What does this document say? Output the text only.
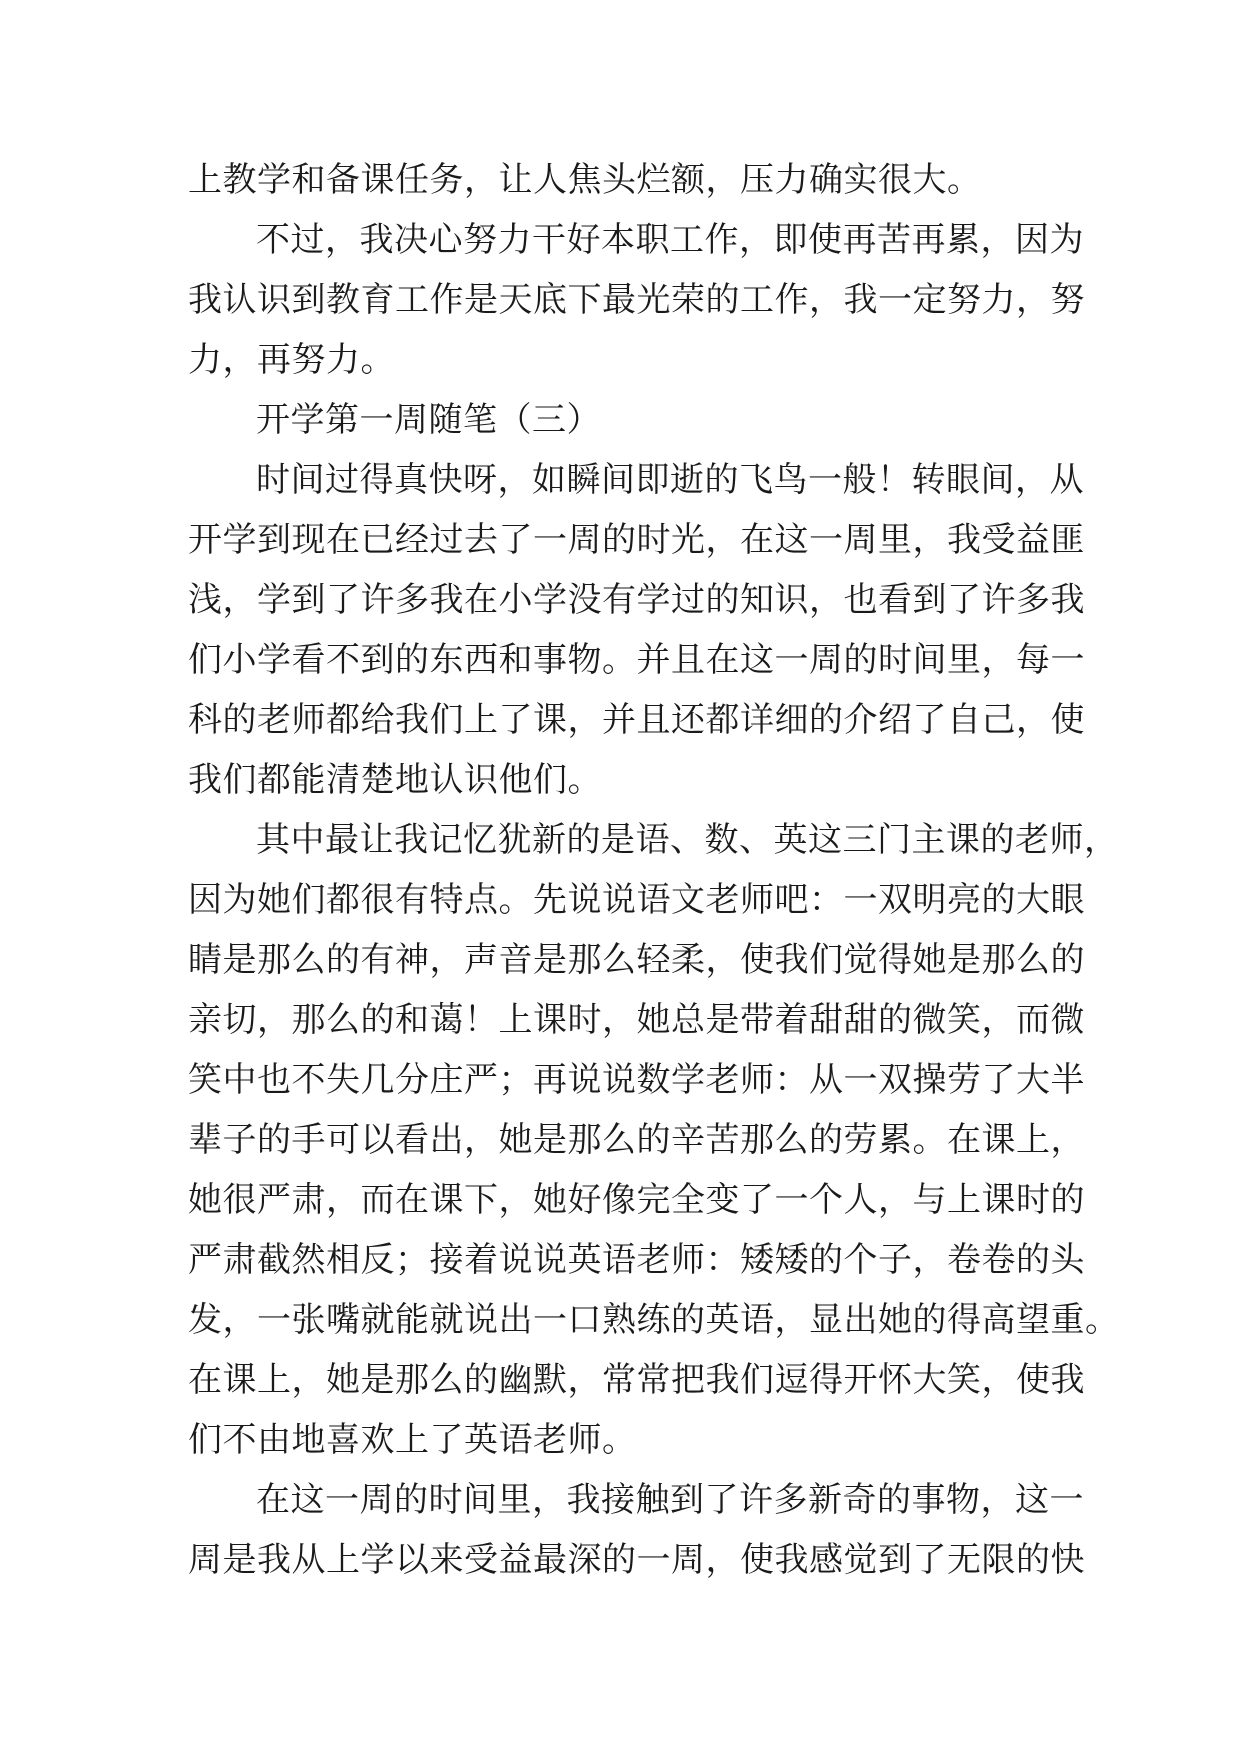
上教学和备课任务，让人焦头烂额，压力确实很大。
不过，我决心努力干好本职工作，即使再苦再累，因为
我认识到教育工作是天底下最光荣的工作，我一定努力，努
力，再努力。
开学第一周随笔（三）
时间过得真快呀，如瞬间即逝的飞鸟一般！转眼间，从
开学到现在已经过去了一周的时光，在这一周里，我受益匪
浅，学到了许多我在小学没有学过的知识，也看到了许多我
们小学看不到的东西和事物。并且在这一周的时间里，每一
科的老师都给我们上了课，并且还都详细的介绍了自己，使
我们都能清楚地认识他们。
其中最让我记忆犹新的是语、数、英这三门主课的老师，
因为她们都很有特点。先说说语文老师吧：一双明亮的大眼
睛是那么的有神，声音是那么轻柔，使我们觉得她是那么的
亲切，那么的和蔼！上课时，她总是带着甜甜的微笑，而微
笑中也不失几分庄严；再说说数学老师：从一双操劳了大半
辈子的手可以看出，她是那么的辛苦那么的劳累。在课上，
她很严肃，而在课下，她好像完全变了一个人，与上课时的
严肃截然相反；接着说说英语老师：矮矮的个子，卷卷的头
发，一张嘴就能就说出一口熟练的英语，显出她的得高望重。
在课上，她是那么的幽默，常常把我们逗得开怀大笑，使我
们不由地喜欢上了英语老师。
在这一周的时间里，我接触到了许多新奇的事物，这一
周是我从上学以来受益最深的一周，使我感觉到了无限的快
